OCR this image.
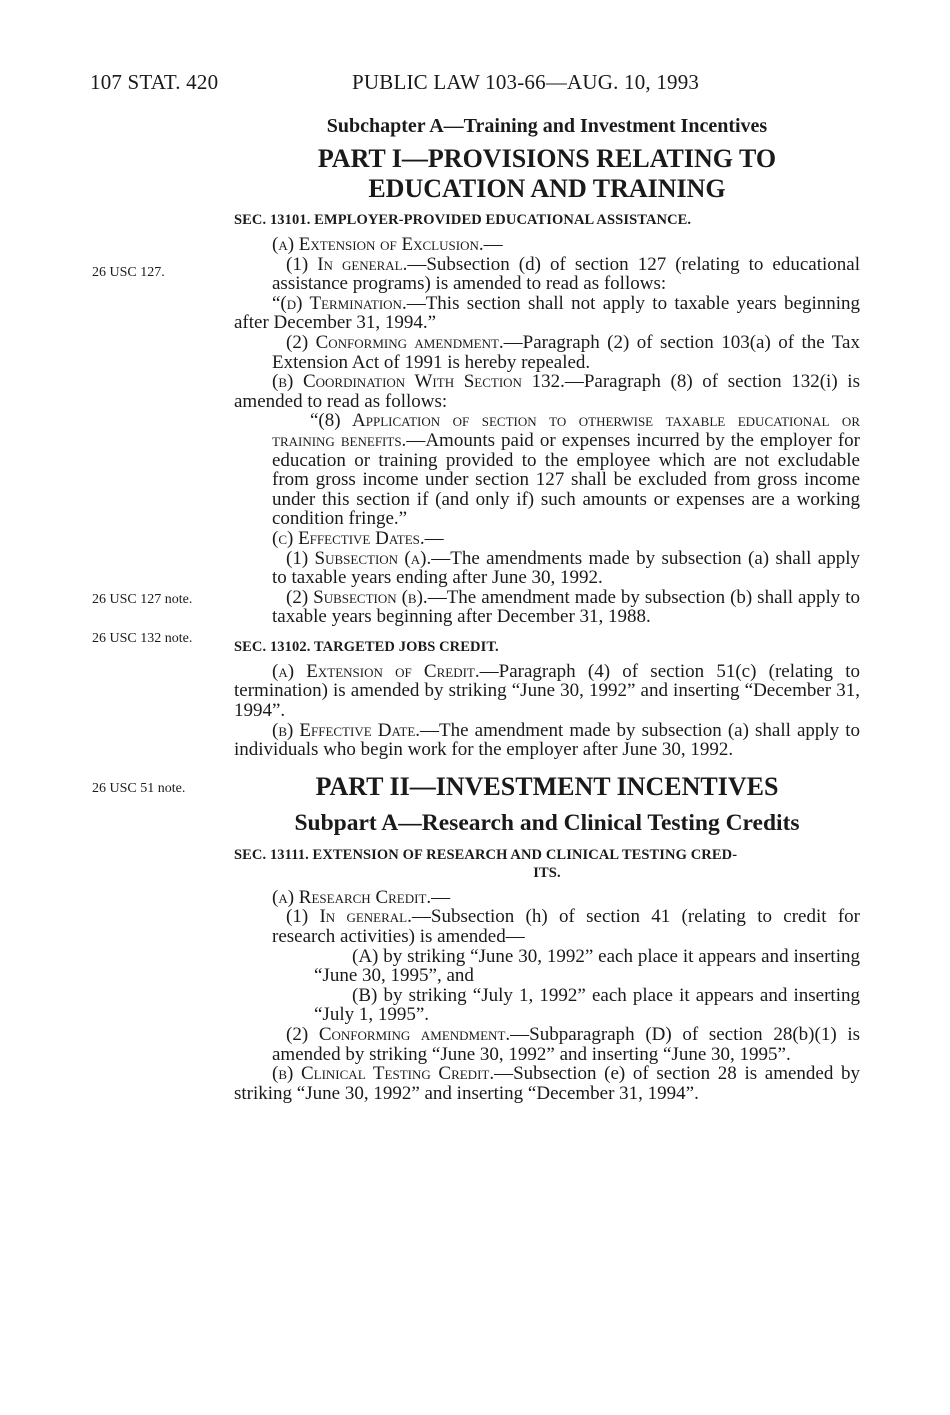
107 STAT. 420	PUBLIC LAW 103-66—AUG. 10, 1993
26 USC 127.
26 USC 127 note.
26 USC 132 note.
26 USC 51 note.
Subchapter A—Training and Investment Incentives
PART I—PROVISIONS RELATING TO
EDUCATION AND TRAINING
SEC. 13101. EMPLOYER-PROVIDED EDUCATIONAL ASSISTANCE.

(a) Extension of Exclusion.—

(1) In general.—Subsection (d) of section 127 (relating to educational assistance programs) is amended to read as follows:

“(d) Termination.—This section shall not apply to taxable years beginning after December 31, 1994.”

(2) Conforming amendment.—Paragraph (2) of section 103(a) of the Tax Extension Act of 1991 is hereby repealed.

(b) Coordination With Section 132.—Paragraph (8) of section 132(i) is amended to read as follows:

“(8) Application of section to otherwise taxable educational or training benefits.—Amounts paid or expenses incurred by the employer for education or training provided to the employee which are not excludable from gross income under section 127 shall be excluded from gross income under this section if (and only if) such amounts or expenses are a working condition fringe.”

(c) Effective Dates.—

(1) Subsection (a).—The amendments made by subsection (a) shall apply to taxable years ending after June 30, 1992.

(2) Subsection (b).—The amendment made by subsection (b) shall apply to taxable years beginning after December 31, 1988.

SEC. 13102. TARGETED JOBS CREDIT.

(a) Extension of Credit.—Paragraph (4) of section 51(c) (relating to termination) is amended by striking “June 30, 1992” and inserting “December 31, 1994”.

(b) Effective Date.—The amendment made by subsection (a) shall apply to individuals who begin work for the employer after June 30, 1992.

PART II—INVESTMENT INCENTIVES
Subpart A—Research and Clinical Testing Credits
SEC. 13111. EXTENSION OF RESEARCH AND CLINICAL TESTING CRED-
ITS.

(a) Research Credit.—

(1) In general.—Subsection (h) of section 41 (relating to credit for research activities) is amended—

(A) by striking “June 30, 1992” each place it appears and inserting “June 30, 1995”, and

(B) by striking “July 1, 1992” each place it appears and inserting “July 1, 1995”.

(2) Conforming amendment.—Subparagraph (D) of section 28(b)(1) is amended by striking “June 30, 1992” and inserting “June 30, 1995”.

(b) Clinical Testing Credit.—Subsection (e) of section 28 is amended by striking “June 30, 1992” and inserting “December 31, 1994”.
